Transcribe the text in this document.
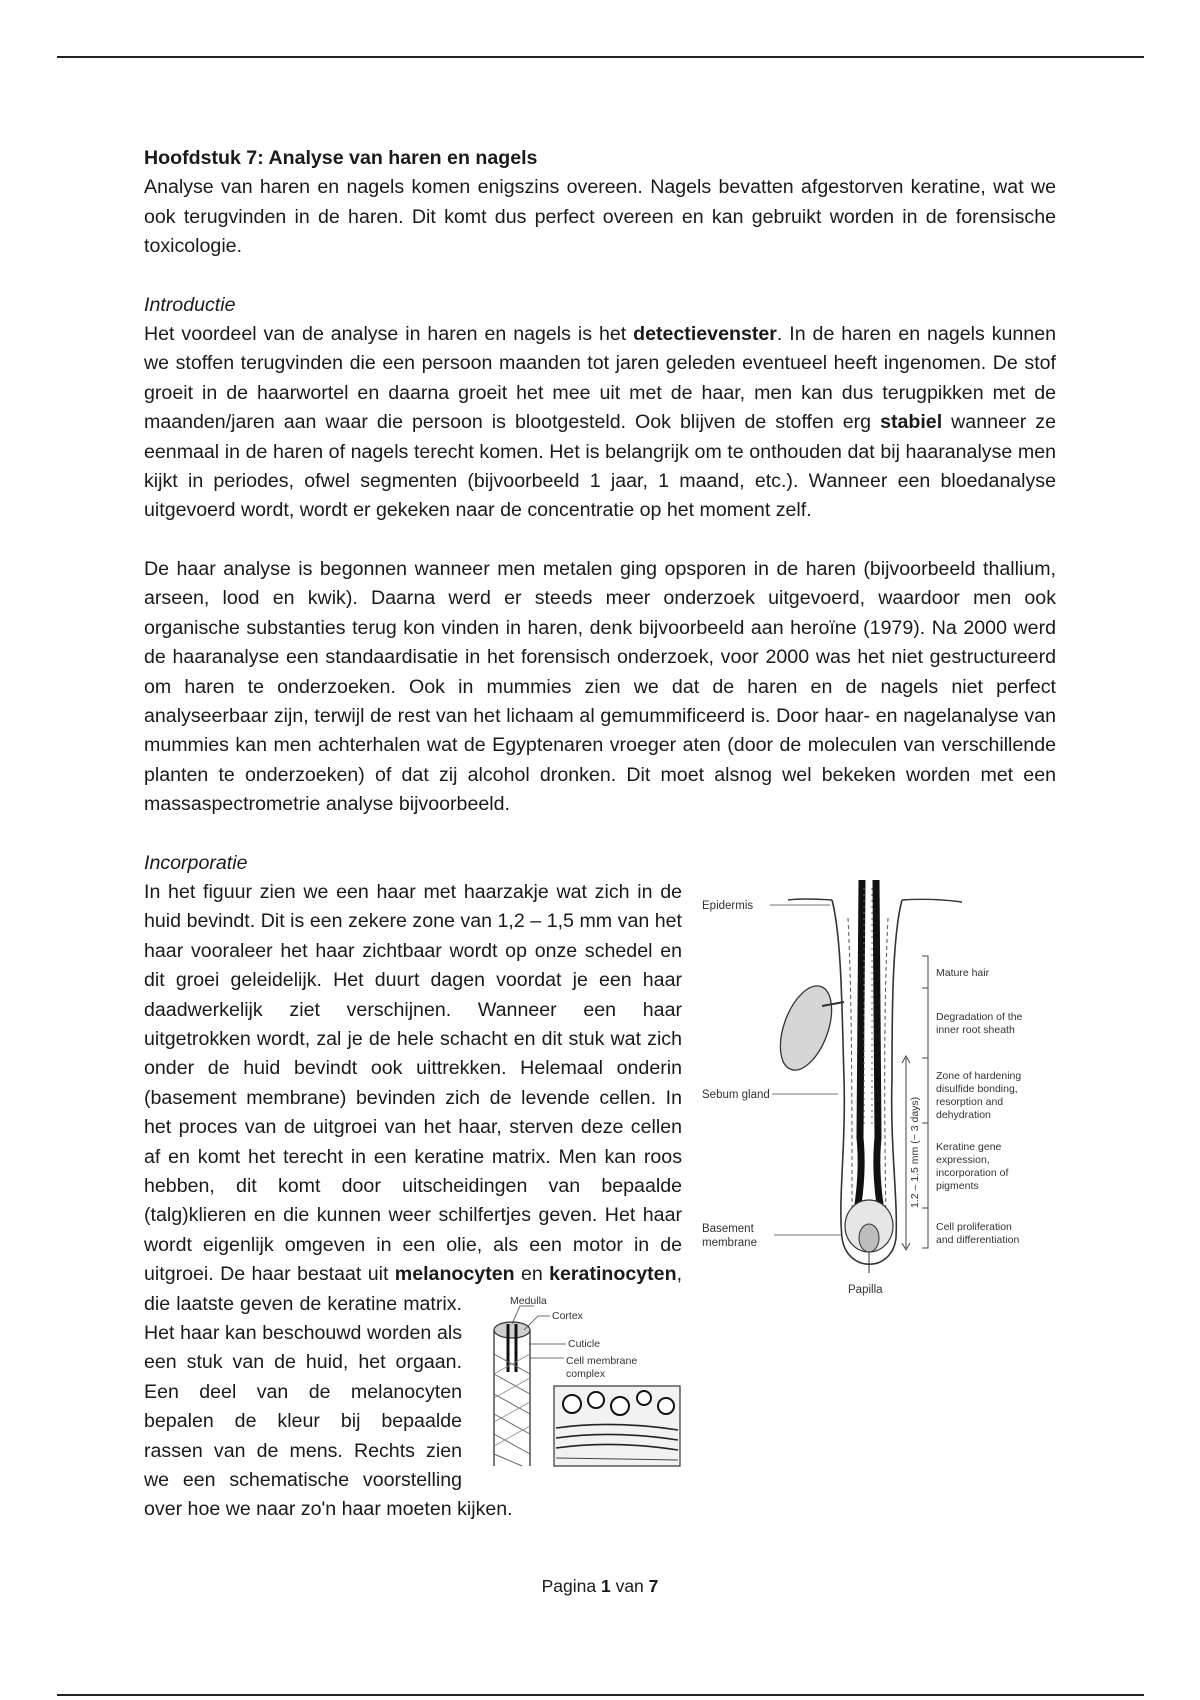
Hoofdstuk 7: Analyse van haren en nagels

Analyse van haren en nagels komen enigszins overeen. Nagels bevatten afgestorven keratine, wat we ook terugvinden in de haren. Dit komt dus perfect overeen en kan gebruikt worden in de forensische toxicologie.

Introductie

Het voordeel van de analyse in haren en nagels is het detectievenster. In de haren en nagels kunnen we stoffen terugvinden die een persoon maanden tot jaren geleden eventueel heeft ingenomen. De stof groeit in de haarwortel en daarna groeit het mee uit met de haar, men kan dus terugpikken met de maanden/jaren aan waar die persoon is blootgesteld. Ook blijven de stoffen erg stabiel wanneer ze eenmaal in de haren of nagels terecht komen. Het is belangrijk om te onthouden dat bij haaranalyse men kijkt in periodes, ofwel segmenten (bijvoorbeeld 1 jaar, 1 maand, etc.). Wanneer een bloedanalyse uitgevoerd wordt, wordt er gekeken naar de concentratie op het moment zelf.

De haar analyse is begonnen wanneer men metalen ging opsporen in de haren (bijvoorbeeld thallium, arseen, lood en kwik). Daarna werd er steeds meer onderzoek uitgevoerd, waardoor men ook organische substanties terug kon vinden in haren, denk bijvoorbeeld aan heroïne (1979). Na 2000 werd de haaranalyse een standaardisatie in het forensisch onderzoek, voor 2000 was het niet gestructureerd om haren te onderzoeken. Ook in mummies zien we dat de haren en de nagels niet perfect analyseerbaar zijn, terwijl de rest van het lichaam al gemummificeerd is. Door haar- en nagelanalyse van mummies kan men achterhalen wat de Egyptenaren vroeger aten (door de moleculen van verschillende planten te onderzoeken) of dat zij alcohol dronken. Dit moet alsnog wel bekeken worden met een massaspectrometrie analyse bijvoorbeeld.

Incorporatie

Epidermis
Sebum gland
Basement
membrane
Papilla
Mature hair
Degradation of the
inner root sheath
Zone of hardening
disulfide bonding,
resorption and
dehydration
Keratine gene
expression,
incorporation of
pigments
Cell proliferation
and differentiation
1.2 – 1.5 mm (~ 3 days)

In het figuur zien we een haar met haarzakje wat zich in de huid bevindt. Dit is een zekere zone van 1,2 – 1,5 mm van het haar vooraleer het haar zichtbaar wordt op onze schedel en dit groei geleidelijk. Het duurt dagen voordat je een haar daadwerkelijk ziet verschijnen. Wanneer een haar uitgetrokken wordt, zal je de hele schacht en dit stuk wat zich onder de huid bevindt ook uittrekken. Helemaal onderin (basement membrane) bevinden zich de levende cellen. In het proces van de uitgroei van het haar, sterven deze cellen af en komt het terecht in een keratine matrix. Men kan roos hebben, dit komt door uitscheidingen van bepaalde (talg)klieren en die kunnen weer schilfertjes geven. Het haar wordt eigenlijk omgeven in een olie, als een motor in de uitgroei. De haar bestaat uit melanocyten en
Medulla
Cortex
Cuticle
Cell membrane
complex
keratinocyten, die laatste geven de keratine matrix. Het haar kan beschouwd worden als een stuk van de huid, het orgaan. Een deel van de melanocyten bepalen de kleur bij bepaalde rassen van de mens. Rechts zien we een schematische voorstelling over hoe we naar zo'n haar moeten kijken.

Pagina 1 van 7
